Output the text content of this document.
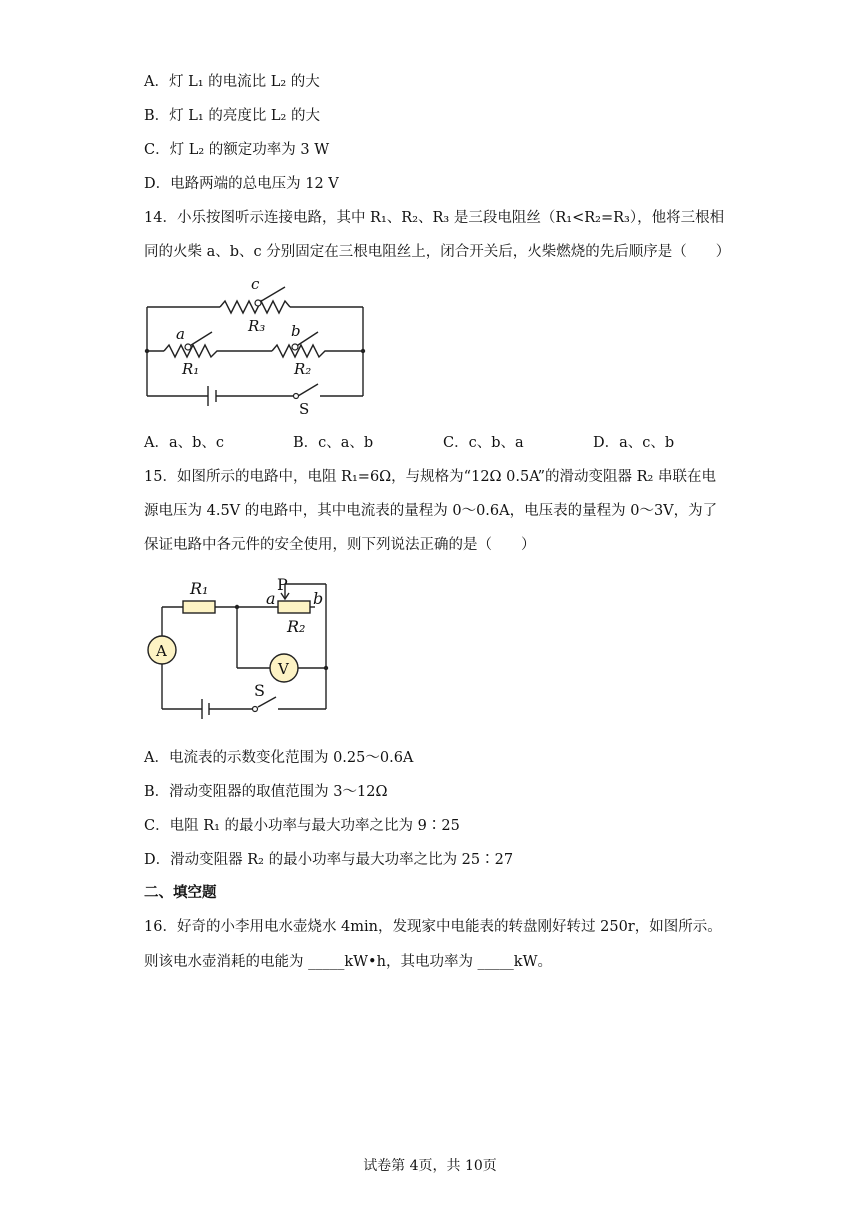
A．灯 L₁ 的电流比 L₂ 的大
B．灯 L₁ 的亮度比 L₂ 的大
C．灯 L₂ 的额定功率为 3 W
D．电路两端的总电压为 12 V
14．小乐按图听示连接电路，其中 R₁、R₂、R₃ 是三段电阻丝（R₁<R₂=R₃），他将三根相
同的火柴 a、b、c 分别固定在三根电阻丝上，闭合开关后，火柴燃烧的先后顺序是（　　）
c
R₃
a
R₁
b
R₂
S
A．a、b、c	B．c、a、b	C．c、b、a	D．a、c、b
15．如图所示的电路中，电阻 R₁=6Ω，与规格为“12Ω 0.5A”的滑动变阻器 R₂ 串联在电
源电压为 4.5V 的电路中，其中电流表的量程为 0～0.6A，电压表的量程为 0～3V，为了
保证电路中各元件的安全使用，则下列说法正确的是（　　）
R₁	P
a b
R₂
A
V
S
A．电流表的示数变化范围为 0.25～0.6A
B．滑动变阻器的取值范围为 3～12Ω
C．电阻 R₁ 的最小功率与最大功率之比为 9∶25
D．滑动变阻器 R₂ 的最小功率与最大功率之比为 25∶27
二、填空题
16．好奇的小李用电水壶烧水 4min，发现家中电能表的转盘刚好转过 250r，如图所示。
则该电水壶消耗的电能为 _____kW•h，其电功率为 _____kW。
试卷第 4页，共 10页
